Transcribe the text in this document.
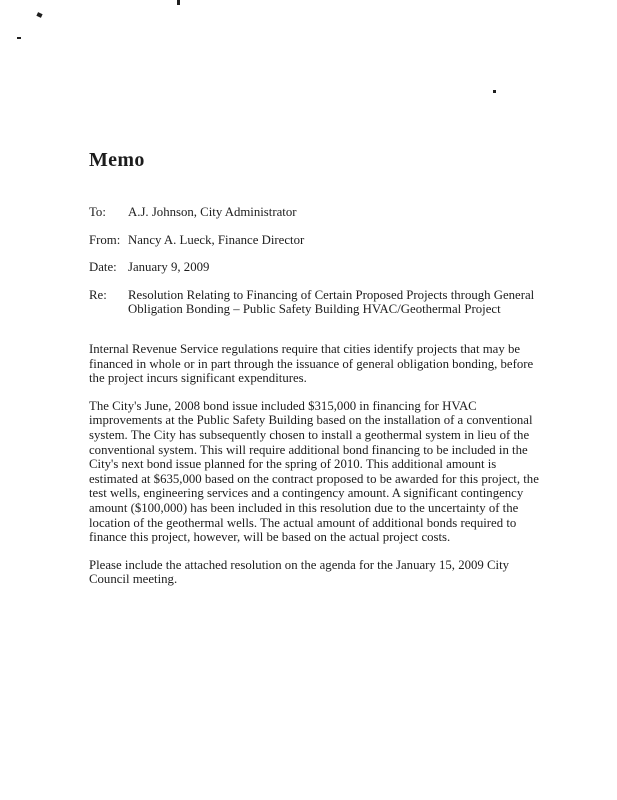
Memo
To:	A.J. Johnson, City Administrator
From: Nancy A. Lueck, Finance Director
Date: January 9, 2009
Re:	Resolution Relating to Financing of Certain Proposed Projects through General
Obligation Bonding – Public Safety Building HVAC/Geothermal Project

Internal Revenue Service regulations require that cities identify projects that may be
financed in whole or in part through the issuance of general obligation bonding, before
the project incurs significant expenditures.

The City's June, 2008 bond issue included $315,000 in financing for HVAC
improvements at the Public Safety Building based on the installation of a conventional
system. The City has subsequently chosen to install a geothermal system in lieu of the
conventional system. This will require additional bond financing to be included in the
City's next bond issue planned for the spring of 2010. This additional amount is
estimated at $635,000 based on the contract proposed to be awarded for this project, the
test wells, engineering services and a contingency amount. A significant contingency
amount ($100,000) has been included in this resolution due to the uncertainty of the
location of the geothermal wells. The actual amount of additional bonds required to
finance this project, however, will be based on the actual project costs.

Please include the attached resolution on the agenda for the January 15, 2009 City
Council meeting.
